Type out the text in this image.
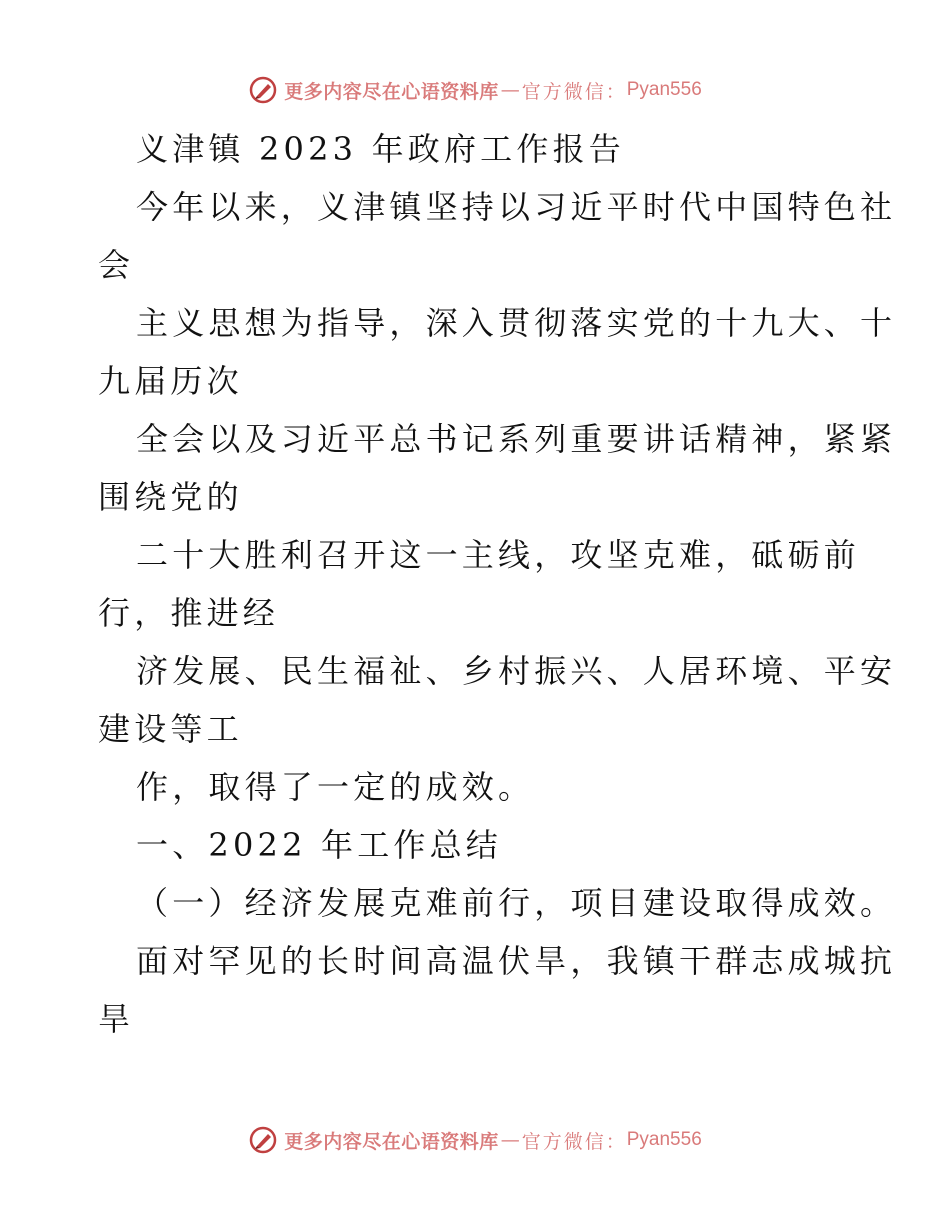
更多内容尽在心语资料库 — 官方微信： Pyan556
义津镇 2023 年政府工作报告
今年以来，义津镇坚持以习近平时代中国特色社
会
主义思想为指导，深入贯彻落实党的十九大、十
九届历次
全会以及习近平总书记系列重要讲话精神，紧紧
围绕党的
二十大胜利召开这一主线，攻坚克难，砥砺前
行，推进经
济发展、民生福祉、乡村振兴、人居环境、平安
建设等工
作，取得了一定的成效。
一、2022 年工作总结
（一）经济发展克难前行，项目建设取得成效。
面对罕见的长时间高温伏旱，我镇干群志成城抗
旱
更多内容尽在心语资料库 — 官方微信： Pyan556
